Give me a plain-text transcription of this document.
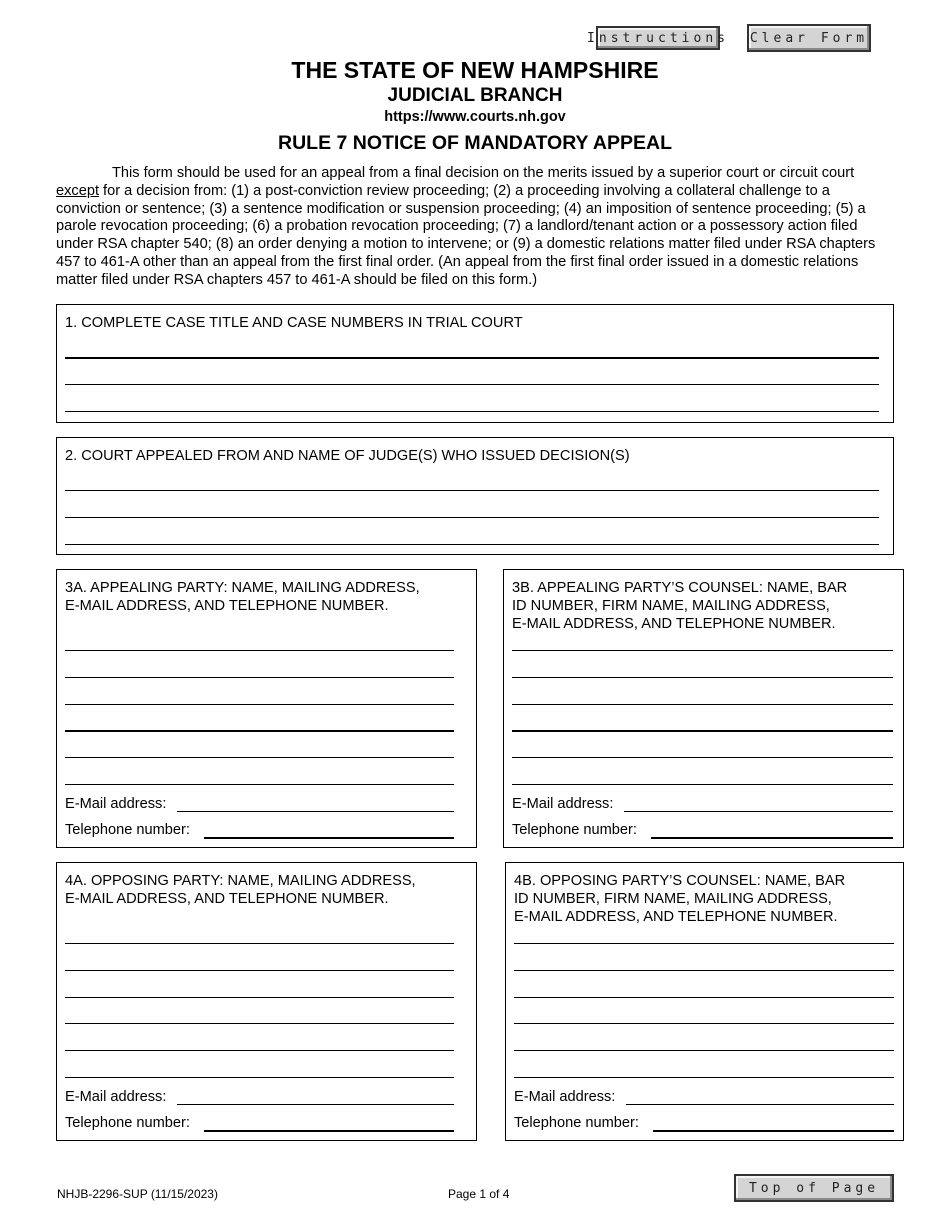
Instructions Clear Form
THE STATE OF NEW HAMPSHIRE
JUDICIAL BRANCH
https://www.courts.nh.gov
RULE 7 NOTICE OF MANDATORY APPEAL

This form should be used for an appeal from a final decision on the merits issued by a superior court or circuit court except for a decision from: (1) a post-conviction review proceeding; (2) a proceeding involving a collateral challenge to a conviction or sentence; (3) a sentence modification or suspension proceeding; (4) an imposition of sentence proceeding; (5) a parole revocation proceeding; (6) a probation revocation proceeding; (7) a landlord/tenant action or a possessory action filed under RSA chapter 540; (8) an order denying a motion to intervene; or (9) a domestic relations matter filed under RSA chapters 457 to 461-A other than an appeal from the first final order. (An appeal from the first final order issued in a domestic relations matter filed under RSA chapters 457 to 461-A should be filed on this form.)

1. COMPLETE CASE TITLE AND CASE NUMBERS IN TRIAL COURT
2. COURT APPEALED FROM AND NAME OF JUDGE(S) WHO ISSUED DECISION(S)
3A. APPEALING PARTY: NAME, MAILING ADDRESS,
E-MAIL ADDRESS, AND TELEPHONE NUMBER.
E-Mail address:
Telephone number:
3B. APPEALING PARTY’S COUNSEL: NAME, BAR
ID NUMBER, FIRM NAME, MAILING ADDRESS,
E-MAIL ADDRESS, AND TELEPHONE NUMBER.
E-Mail address:
Telephone number:
4A. OPPOSING PARTY: NAME, MAILING ADDRESS,
E-MAIL ADDRESS, AND TELEPHONE NUMBER.
E-Mail address:
Telephone number:
4B. OPPOSING PARTY’S COUNSEL: NAME, BAR
ID NUMBER, FIRM NAME, MAILING ADDRESS,
E-MAIL ADDRESS, AND TELEPHONE NUMBER.
E-Mail address:
Telephone number:
NHJB-2296-SUP (11/15/2023)	Page 1 of 4	Top of Page
